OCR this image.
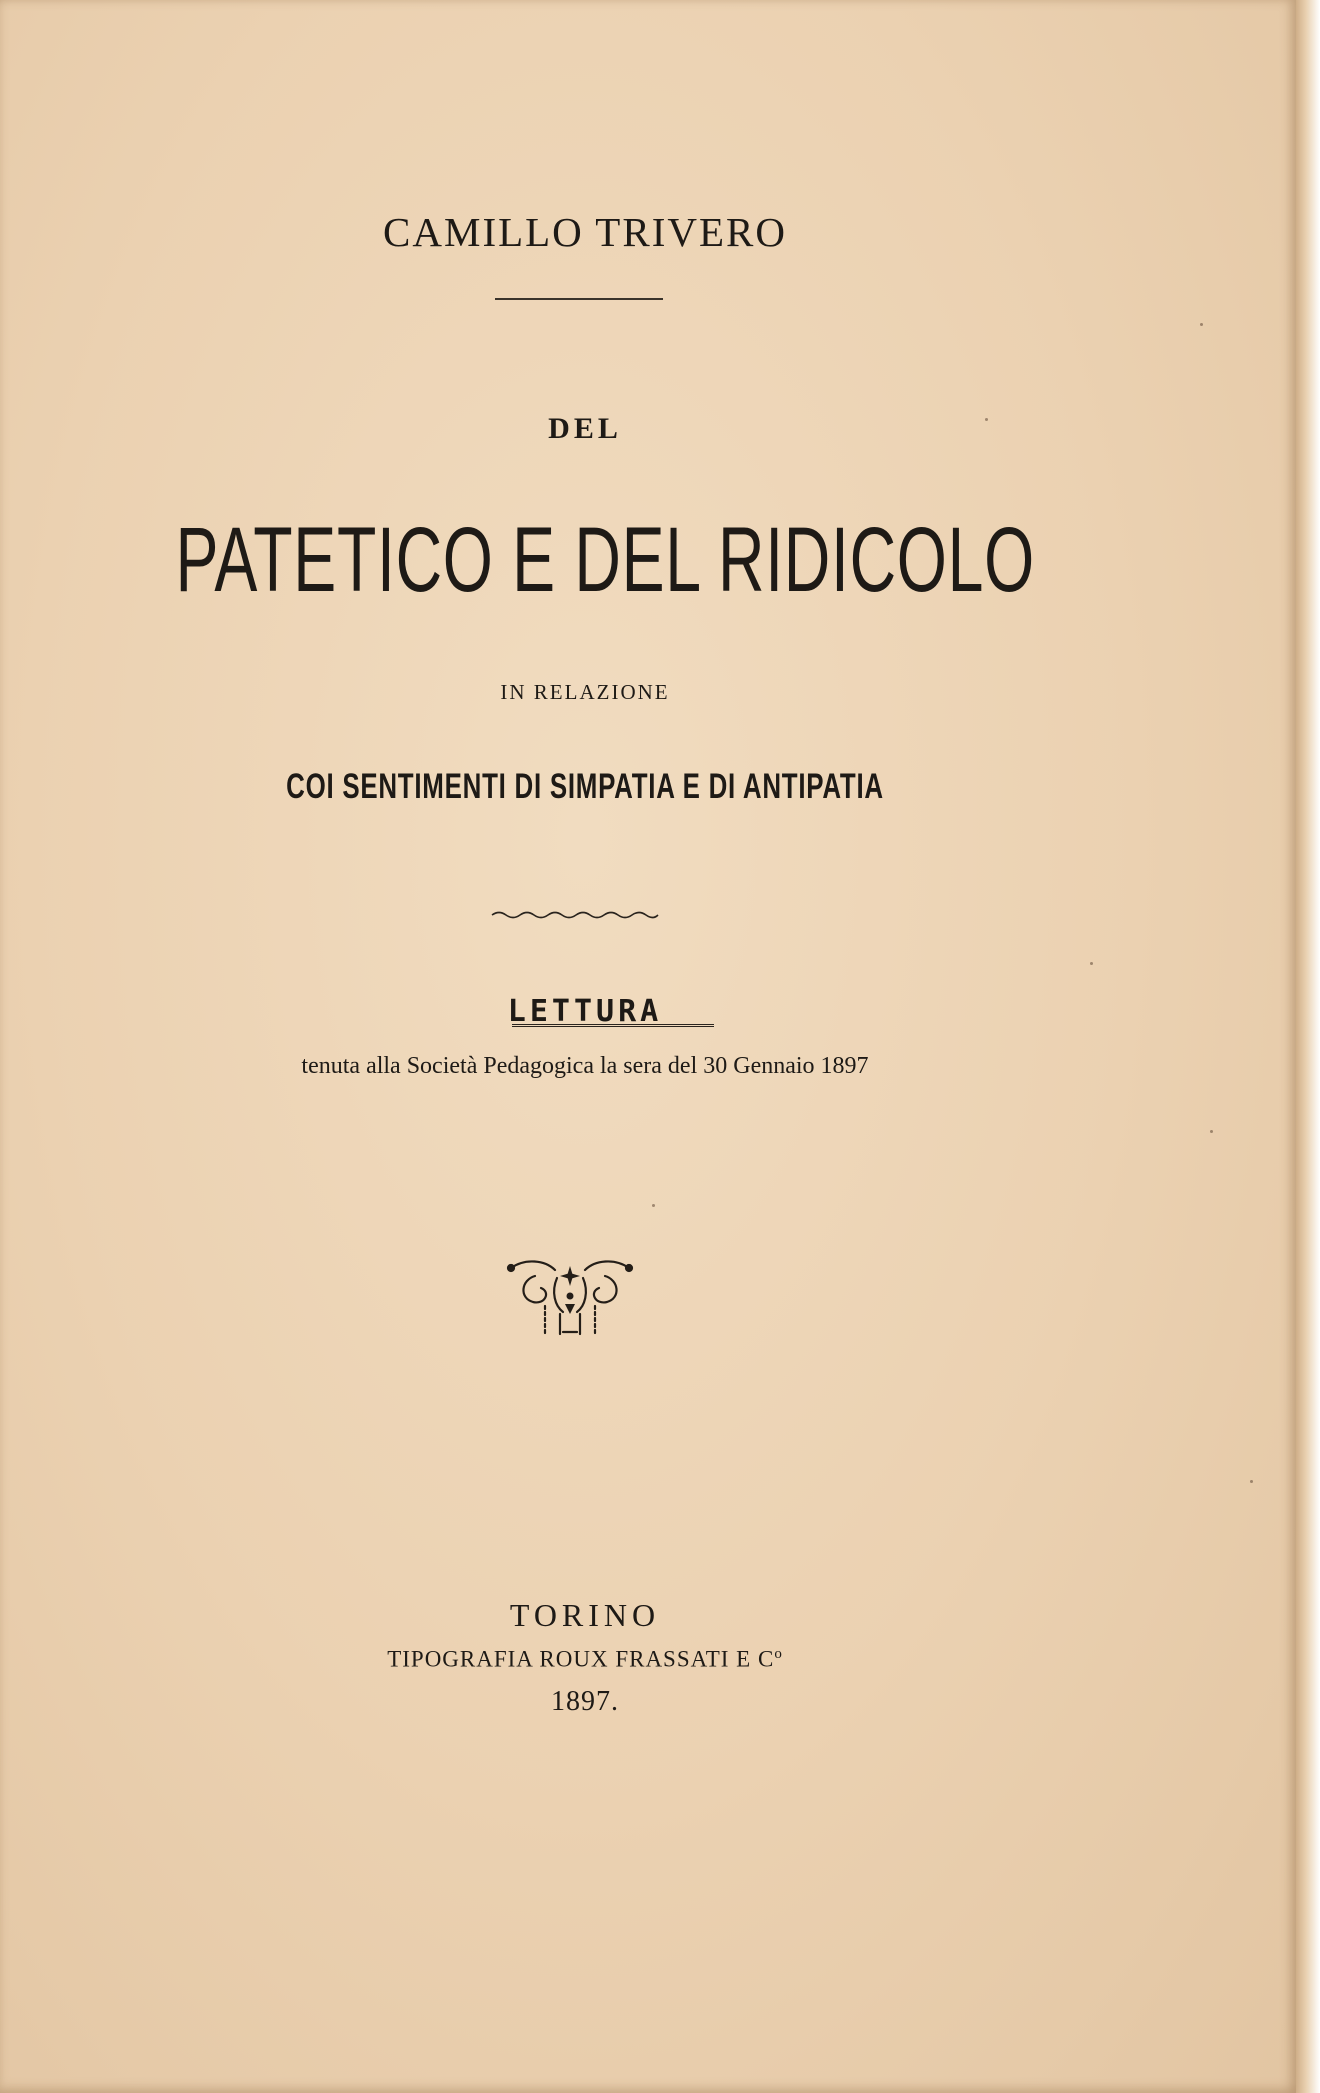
CAMILLO TRIVERO

DEL

PATETICO E DEL RIDICOLO

IN RELAZIONE

COI SENTIMENTI DI SIMPATIA E DI ANTIPATIA

LETTURA

tenuta alla Società Pedagogica la sera del 30 Gennaio 1897

TORINO

TIPOGRAFIA ROUX FRASSATI E $C^o$

1897.
